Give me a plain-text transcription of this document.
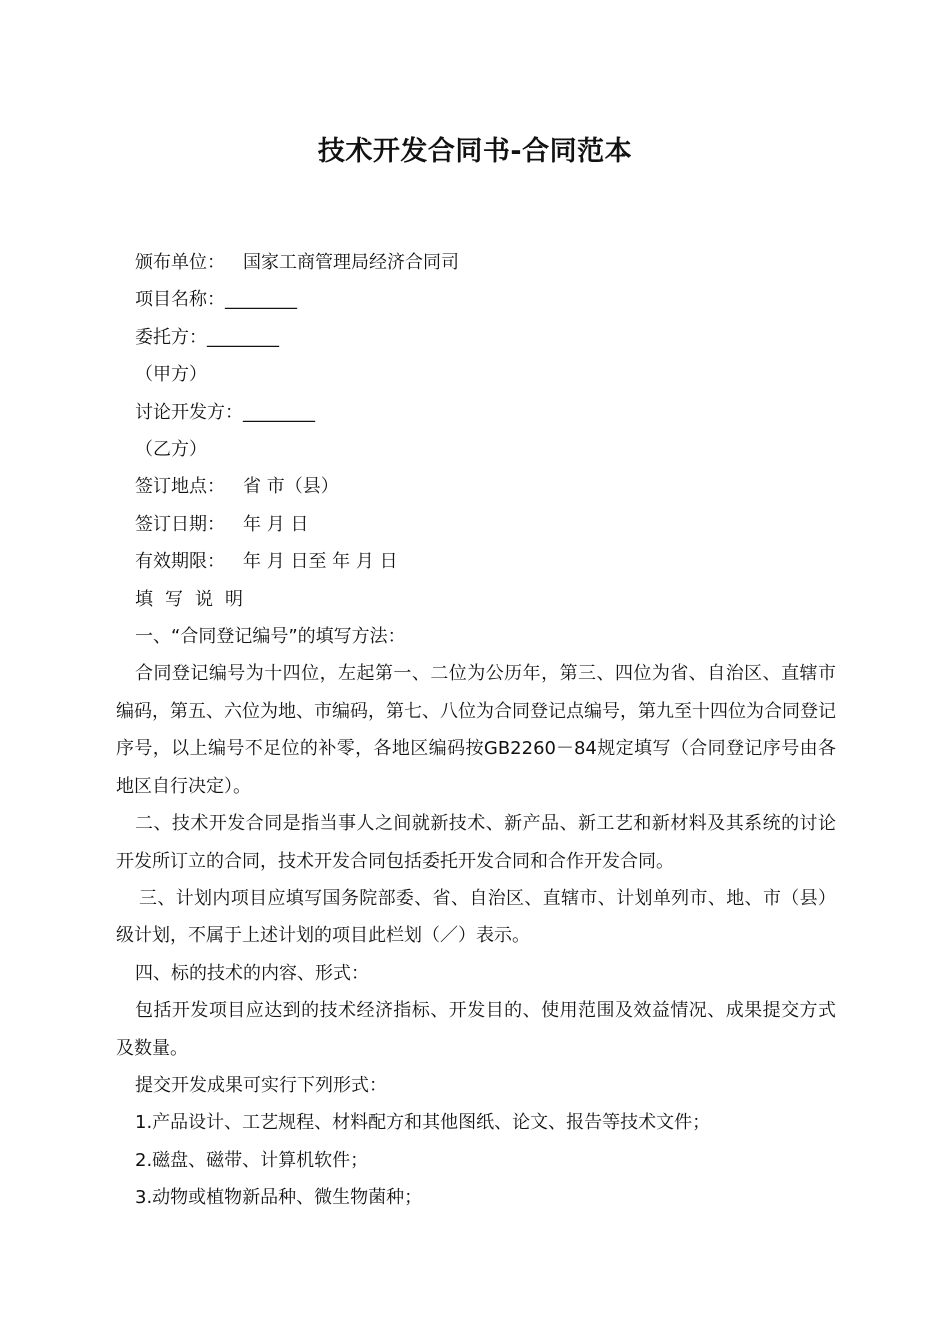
技术开发合同书-合同范本
颁布单位： 国家工商管理局经济合同司
项目名称：________
委托方：________
（甲方）
讨论开发方：________
（乙方）
签订地点： 省 市（县）
签订日期： 年 月 日
有效期限： 年 月 日至 年 月 日
填写说明
一、“合同登记编号”的填写方法：
合同登记编号为十四位，左起第一、二位为公历年，第三、四位为省、自治区、直辖市编码，第五、六位为地、市编码，第七、八位为合同登记点编号，第九至十四位为合同登记序号，以上编号不足位的补零，各地区编码按GB2260－84规定填写（合同登记序号由各地区自行决定）。
二、技术开发合同是指当事人之间就新技术、新产品、新工艺和新材料及其系统的讨论开发所订立的合同，技术开发合同包括委托开发合同和合作开发合同。
三、计划内项目应填写国务院部委、省、自治区、直辖市、计划单列市、地、市（县）级计划，不属于上述计划的项目此栏划（／）表示。
四、标的技术的内容、形式：
包括开发项目应达到的技术经济指标、开发目的、使用范围及效益情况、成果提交方式及数量。
提交开发成果可实行下列形式：
1.产品设计、工艺规程、材料配方和其他图纸、论文、报告等技术文件；
2.磁盘、磁带、计算机软件；
3.动物或植物新品种、微生物菌种；
